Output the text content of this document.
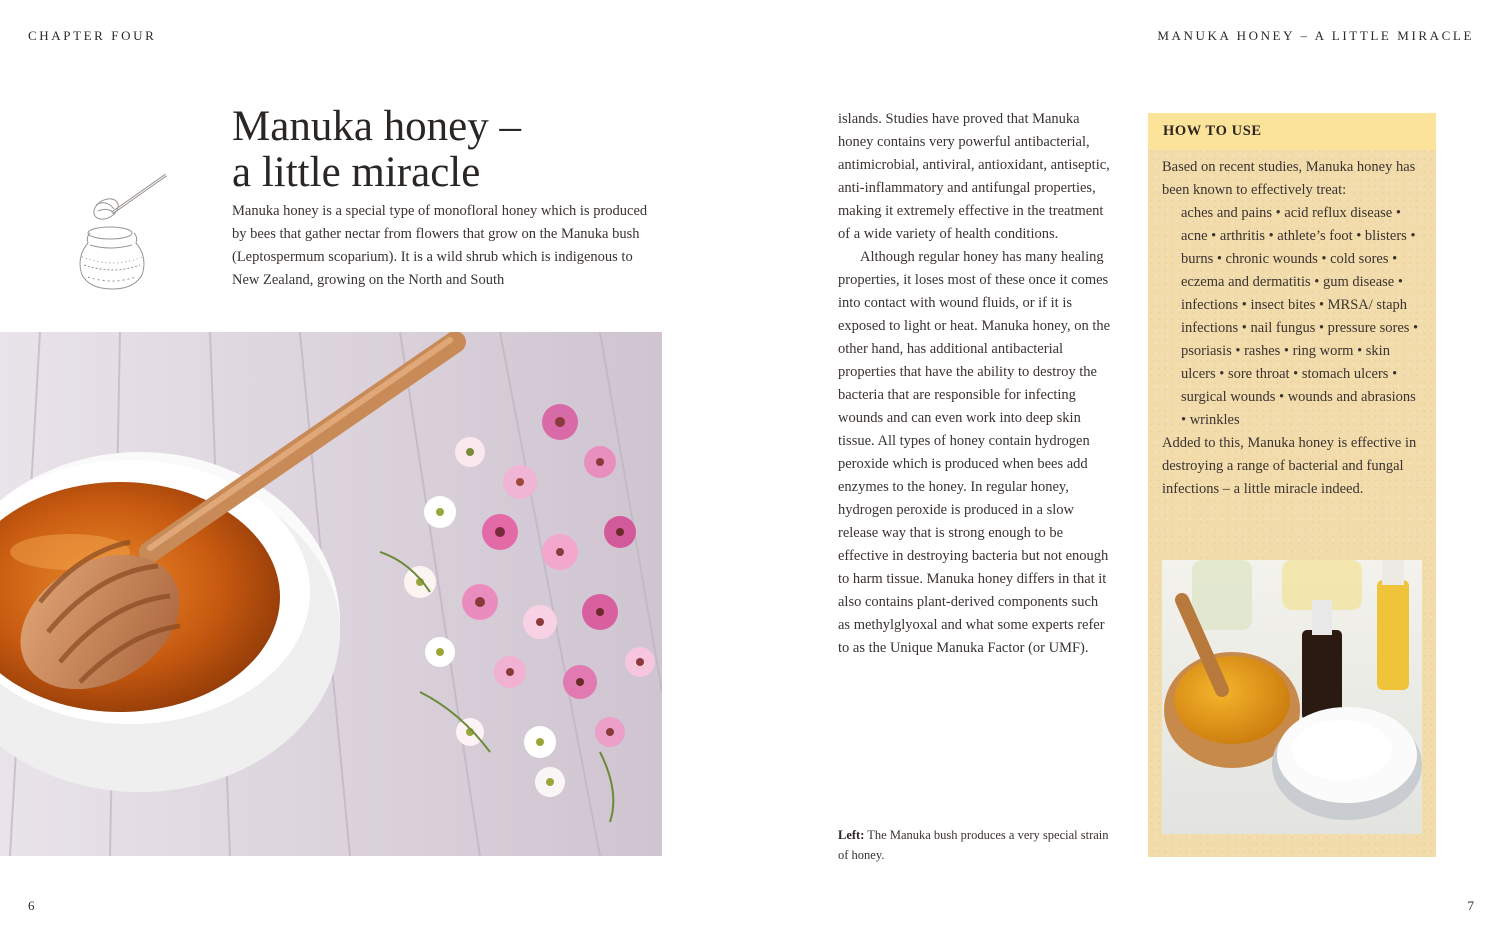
CHAPTER FOUR	MANUKA HONEY – A LITTLE MIRACLE
Manuka honey –
a little miracle

Manuka honey is a special type of monofloral honey which is produced by bees that gather nectar from flowers that grow on the Manuka bush (Leptospermum scoparium). It is a wild shrub which is indigenous to New Zealand, growing on the North and South

islands. Studies have proved that Manuka honey contains very powerful antibacterial, antimicrobial, antiviral, antioxidant, antiseptic, anti-inflammatory and antifungal properties, making it extremely effective in the treatment of a wide variety of health conditions.

Although regular honey has many healing properties, it loses most of these once it comes into contact with wound fluids, or if it is exposed to light or heat. Manuka honey, on the other hand, has additional antibacterial properties that have the ability to destroy the bacteria that are responsible for infecting wounds and can even work into deep skin tissue. All types of honey contain hydrogen peroxide which is produced when bees add enzymes to the honey. In regular honey, hydrogen peroxide is produced in a slow release way that is strong enough to be effective in destroying bacteria but not enough to harm tissue. Manuka honey differs in that it also contains plant-derived components such as methylglyoxal and what some experts refer to as the Unique Manuka Factor (or UMF).

Left: The Manuka bush produces a very special strain of honey.

HOW TO USE

Based on recent studies, Manuka honey has been known to effectively treat:

aches and pains • acid reflux disease • acne • arthritis • athlete’s foot • blisters • burns • chronic wounds • cold sores • eczema and dermatitis • gum disease • infections • insect bites • MRSA/ staph infections • nail fungus • pressure sores • psoriasis • rashes • ring worm • skin ulcers • sore throat • stomach ulcers • surgical wounds • wounds and abrasions • wrinkles

Added to this, Manuka honey is effective in destroying a range of bacterial and fungal infections – a little miracle indeed.

6	7
